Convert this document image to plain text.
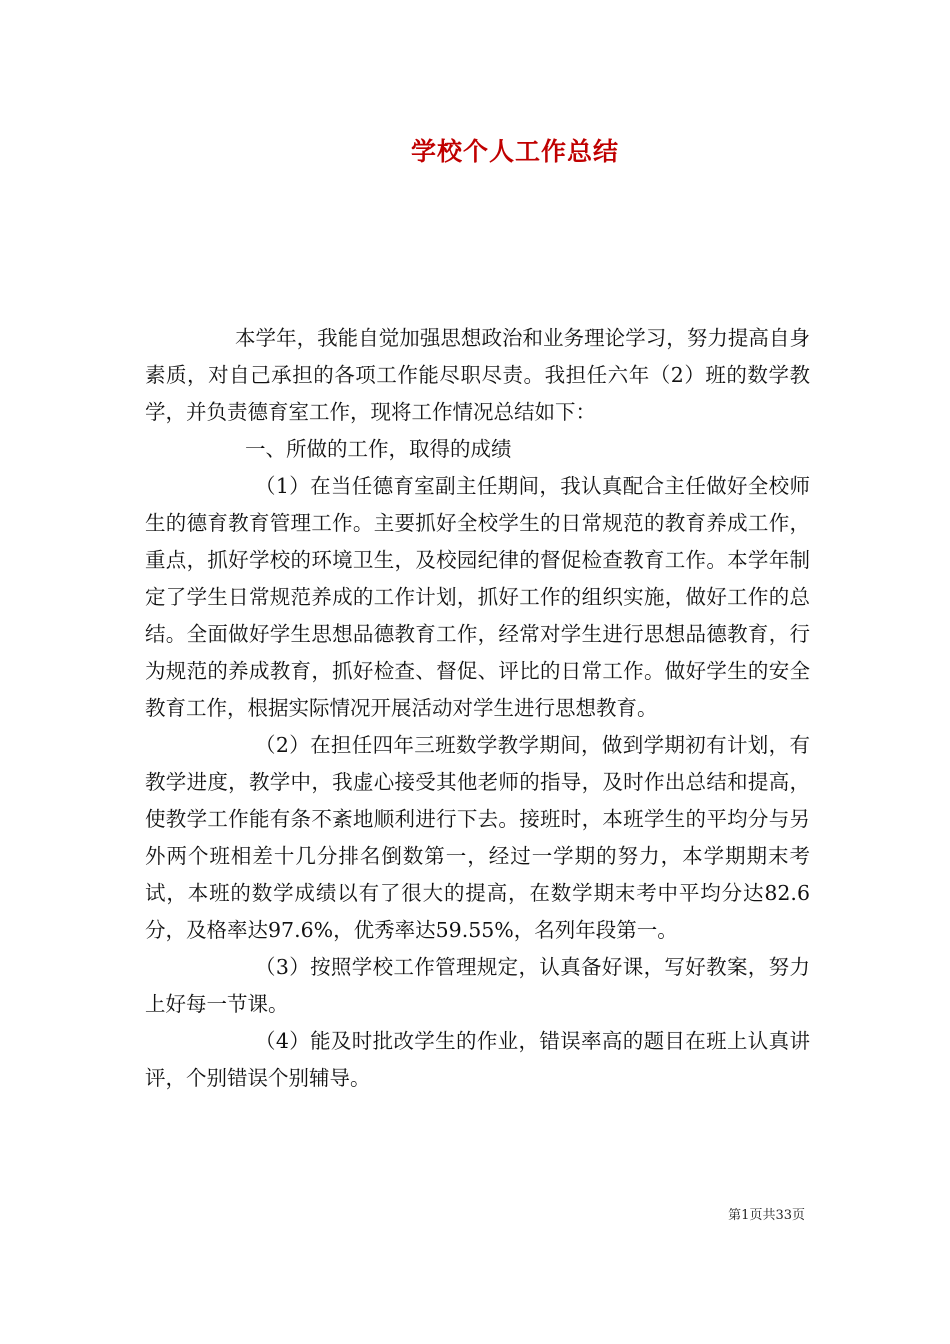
学校个人工作总结

本学年，我能自觉加强思想政治和业务理论学习，努力提高自身素质，对自己承担的各项工作能尽职尽责。我担任六年（2）班的数学教学，并负责德育室工作，现将工作情况总结如下：

一、所做的工作，取得的成绩

（1）在当任德育室副主任期间，我认真配合主任做好全校师生的德育教育管理工作。主要抓好全校学生的日常规范的教育养成工作，重点，抓好学校的环境卫生，及校园纪律的督促检查教育工作。本学年制定了学生日常规范养成的工作计划，抓好工作的组织实施，做好工作的总结。全面做好学生思想品德教育工作，经常对学生进行思想品德教育，行为规范的养成教育，抓好检查、督促、评比的日常工作。做好学生的安全教育工作，根据实际情况开展活动对学生进行思想教育。

（2）在担任四年三班数学教学期间，做到学期初有计划，有教学进度，教学中，我虚心接受其他老师的指导，及时作出总结和提高，使教学工作能有条不紊地顺利进行下去。接班时，本班学生的平均分与另外两个班相差十几分排名倒数第一，经过一学期的努力，本学期期末考试，本班的数学成绩以有了很大的提高，在数学期末考中平均分达82.6分，及格率达97.6%，优秀率达59.55%，名列年段第一。

（3）按照学校工作管理规定，认真备好课，写好教案，努力上好每一节课。

（4）能及时批改学生的作业，错误率高的题目在班上认真讲评，个别错误个别辅导。

第1页共33页
